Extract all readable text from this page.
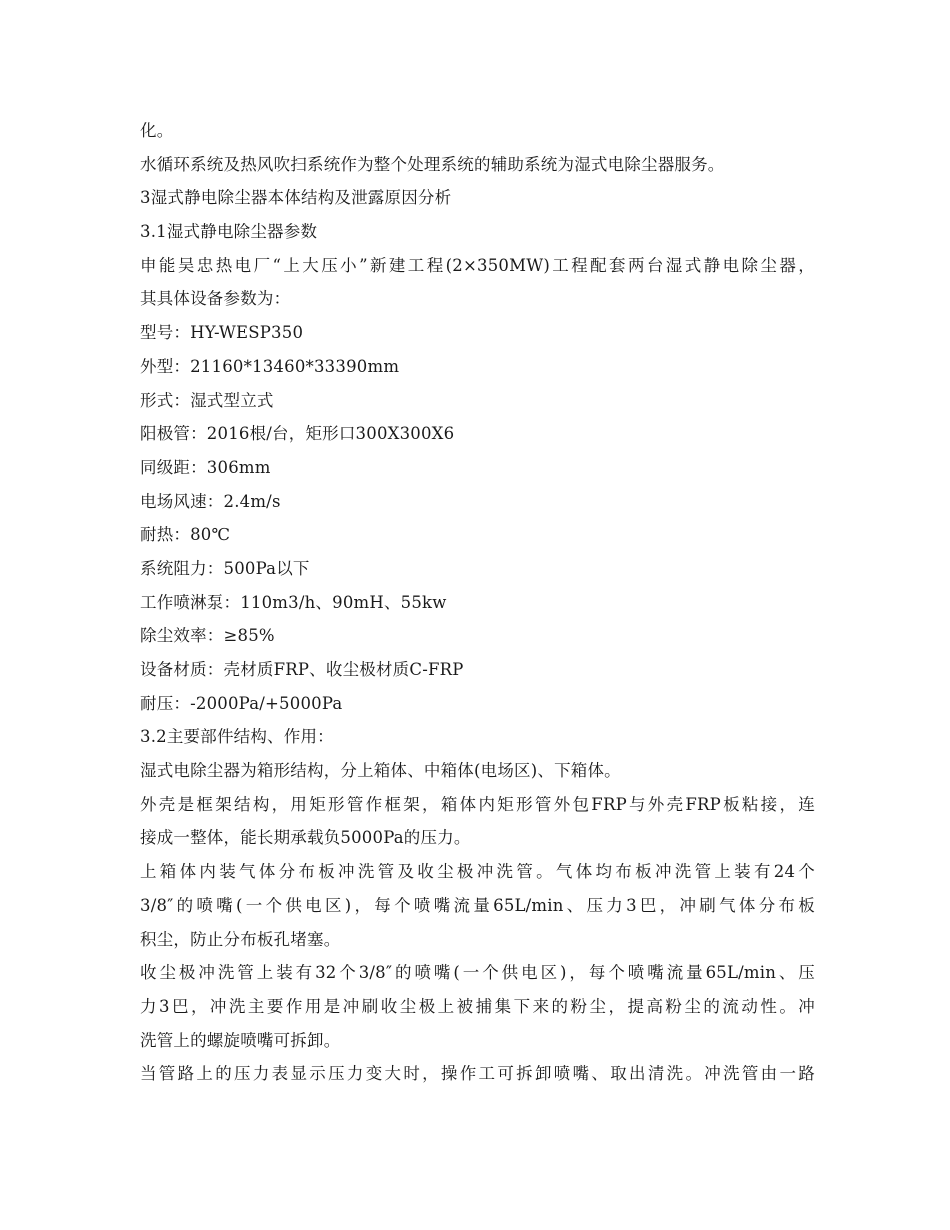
化。
水循环系统及热风吹扫系统作为整个处理系统的辅助系统为湿式电除尘器服务。
3湿式静电除尘器本体结构及泄露原因分析
3.1湿式静电除尘器参数
申能吴忠热电厂“上大压小”新建工程(2×350MW)工程配套两台湿式静电除尘器，
其具体设备参数为：
型号：HY-WESP350
外型：21160*13460*33390mm
形式：湿式型立式
阳极管：2016根/台，矩形口300X300X6
同级距：306mm
电场风速：2.4m/s
耐热：80℃
系统阻力：500Pa以下
工作喷淋泵：110m3/h、90mH、55kw
除尘效率：≥85%
设备材质：壳材质FRP、收尘极材质C-FRP
耐压：-2000Pa/+5000Pa
3.2主要部件结构、作用：
湿式电除尘器为箱形结构，分上箱体、中箱体(电场区)、下箱体。
外壳是框架结构，用矩形管作框架，箱体内矩形管外包FRP与外壳FRP板粘接，连
接成一整体，能长期承载负5000Pa的压力。
上箱体内装气体分布板冲洗管及收尘极冲洗管。气体均布板冲洗管上装有24个
3/8″的喷嘴(一个供电区)，每个喷嘴流量65L/min、压力3巴，冲刷气体分布板
积尘，防止分布板孔堵塞。
收尘极冲洗管上装有32个3/8″的喷嘴(一个供电区)，每个喷嘴流量65L/min、压
力3巴，冲洗主要作用是冲刷收尘极上被捕集下来的粉尘，提高粉尘的流动性。冲
洗管上的螺旋喷嘴可拆卸。
当管路上的压力表显示压力变大时，操作工可拆卸喷嘴、取出清洗。冲洗管由一路
